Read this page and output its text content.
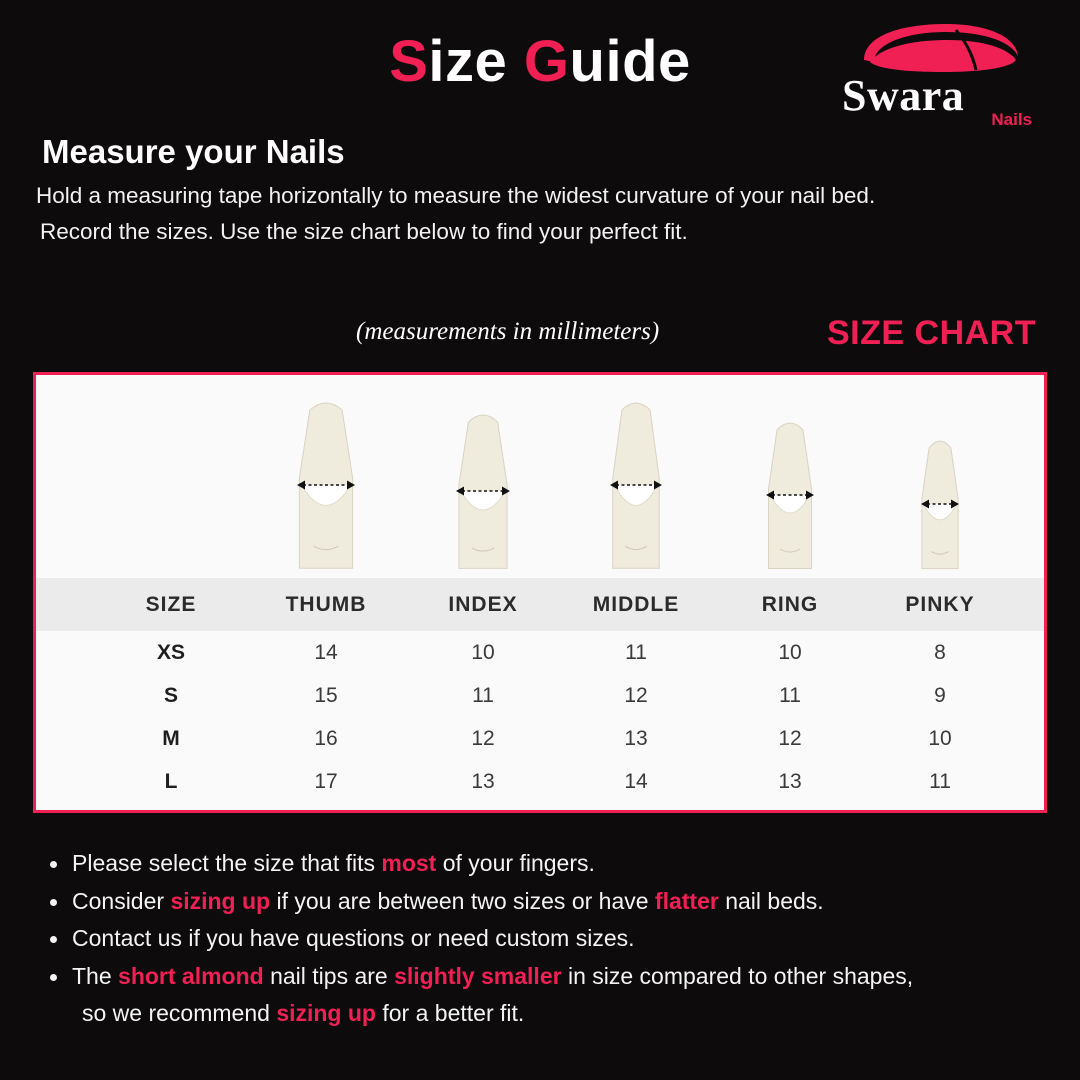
Size Guide
Swara	Nails
Measure your Nails
Hold a measuring tape horizontally to measure the widest curvature of your nail bed.
Record the sizes. Use the size chart below to find your perfect fit.
(measurements in millimeters)	SIZE CHART
SIZE	THUMB	INDEX	MIDDLE	RING	PINKY
XS	14	10	11	10	8
S	15	11	12	11	9
M	16	12	13	12	10
L	17	13	14	13	11
Please select the size that fits most of your fingers.
Consider sizing up if you are between two sizes or have flatter nail beds.
Contact us if you have questions or need custom sizes.
The short almond nail tips are slightly smaller in size compared to other shapes,
so we recommend sizing up for a better fit.
